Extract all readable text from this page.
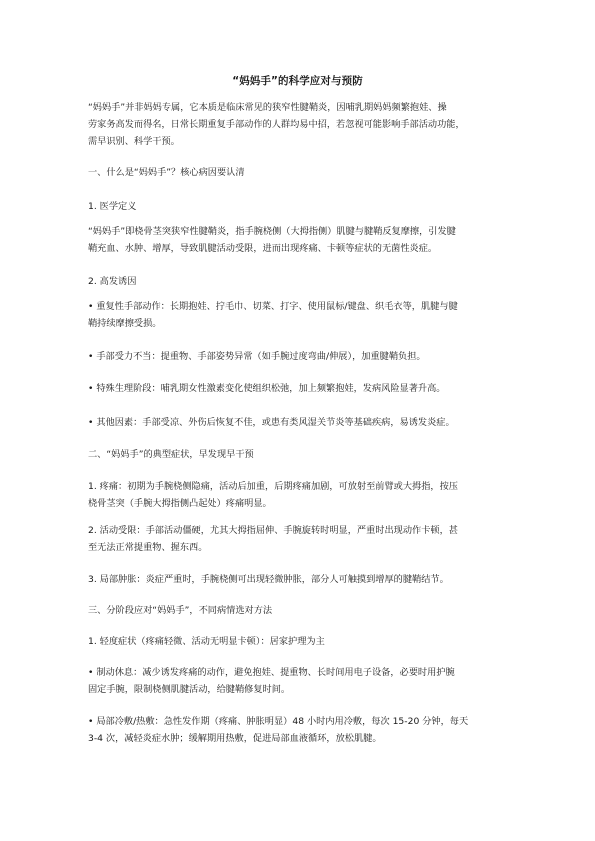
“妈妈手”的科学应对与预防
“妈妈手”并非妈妈专属，它本质是临床常见的狭窄性腱鞘炎，因哺乳期妈妈频繁抱娃、操
劳家务高发而得名，日常长期重复手部动作的人群均易中招，若忽视可能影响手部活动功能，
需早识别、科学干预。
一、什么是“妈妈手”？核心病因要认清
1. 医学定义
“妈妈手”即桡骨茎突狭窄性腱鞘炎，指手腕桡侧（大拇指侧）肌腱与腱鞘反复摩擦，引发腱
鞘充血、水肿、增厚，导致肌腱活动受限，进而出现疼痛、卡顿等症状的无菌性炎症。
2. 高发诱因
• 重复性手部动作：长期抱娃、拧毛巾、切菜、打字、使用鼠标/键盘、织毛衣等，肌腱与腱
鞘持续摩擦受损。
• 手部受力不当：提重物、手部姿势异常（如手腕过度弯曲/伸展），加重腱鞘负担。
• 特殊生理阶段：哺乳期女性激素变化使组织松弛，加上频繁抱娃，发病风险显著升高。
• 其他因素：手部受凉、外伤后恢复不佳，或患有类风湿关节炎等基础疾病，易诱发炎症。
二、“妈妈手”的典型症状，早发现早干预
1. 疼痛：初期为手腕桡侧隐痛，活动后加重，后期疼痛加剧，可放射至前臂或大拇指，按压
桡骨茎突（手腕大拇指侧凸起处）疼痛明显。
2. 活动受限：手部活动僵硬，尤其大拇指屈伸、手腕旋转时明显，严重时出现动作卡顿，甚
至无法正常提重物、握东西。
3. 局部肿胀：炎症严重时，手腕桡侧可出现轻微肿胀，部分人可触摸到增厚的腱鞘结节。
三、分阶段应对“妈妈手”，不同病情选对方法
1. 轻度症状（疼痛轻微、活动无明显卡顿）：居家护理为主
• 制动休息：减少诱发疼痛的动作，避免抱娃、提重物、长时间用电子设备，必要时用护腕
固定手腕，限制桡侧肌腱活动，给腱鞘修复时间。
• 局部冷敷/热敷：急性发作期（疼痛、肿胀明显）48 小时内用冷敷，每次 15-20 分钟，每天
3-4 次，减轻炎症水肿；缓解期用热敷，促进局部血液循环，放松肌腱。
